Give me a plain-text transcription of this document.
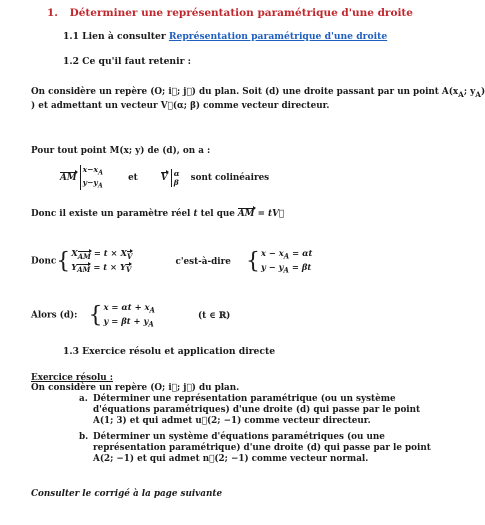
1. Déterminer une représentation paramétrique d'une droite
1.1 Lien à consulter Représentation paramétrique d'une droite
1.2 Ce qu'il faut retenir :
On considère un repère (O; i⃗; j⃗) du plan. Soit (d) une droite passant par un point $A(x_A$; $y_A$)
) et admettant un vecteur V⃗(α; β) comme vecteur directeur.
Pour tout point M(x; y) de (d), on a :
AM $x-x_A$
$y-y_A$ et	V α
β sont colinéaires
Donc il existe un paramètre réel t tel que AM = tV⃗
$Donc\{X_{AM} = t \times X_V$
$Y_{AM} = t \times Y_V$ c'est-à-dire {$x - x_A = \alpha t$
$y - y_A = \beta t$
Alors (d): {$x = \alpha t + x_A$
$y = \beta t + y_A$ (t ∈ ℝ)
1.3 Exercice résolu et application directe
Exercice résolu :
On considère un repère (O; i⃗; j⃗) du plan.
a. Déterminer une représentation paramétrique (ou un système d'équations paramétriques) d'une droite (d) qui passe par le point A(1; 3) et qui admet u⃗(2; −1) comme vecteur directeur.
b. Déterminer un système d'équations paramétriques (ou une représentation paramétrique) d'une droite (d) qui passe par le point A(2; −1) et qui admet n⃗(2; −1) comme vecteur normal.
Consulter le corrigé à la page suivante
